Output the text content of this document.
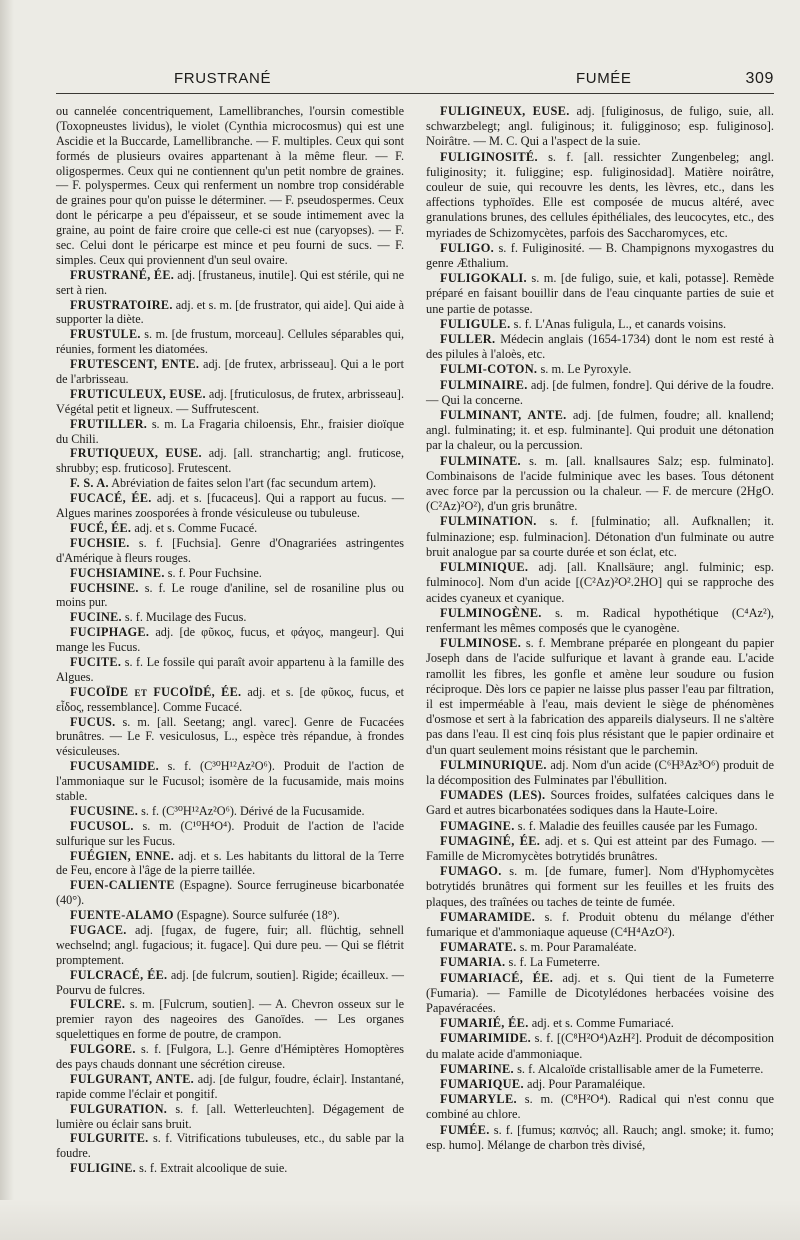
FRUSTRANÉ	FUMÉE	309

ou cannelée concentriquement, Lamellibranches, l'oursin comestible (Toxopneustes lividus), le violet (Cynthia microcosmus) qui est une Ascidie et la Buccarde, Lamellibranche. — F. multiples. Ceux qui sont formés de plusieurs ovaires appartenant à la même fleur. — F. oligospermes. Ceux qui ne contiennent qu'un petit nombre de graines. — F. polyspermes. Ceux qui renferment un nombre trop considérable de graines pour qu'on puisse le déterminer. — F. pseudospermes. Ceux dont le péricarpe a peu d'épaisseur, et se soude intimement avec la graine, au point de faire croire que celle-ci est nue (caryopses). — F. sec. Celui dont le péricarpe est mince et peu fourni de sucs. — F. simples. Ceux qui proviennent d'un seul ovaire.

FRUSTRANÉ, ÉE. adj. [frustaneus, inutile]. Qui est stérile, qui ne sert à rien.

FRUSTRATOIRE. adj. et s. m. [de frustrator, qui aide]. Qui aide à supporter la diète.

FRUSTULE. s. m. [de frustum, morceau]. Cellules séparables qui, réunies, forment les diatomées.

FRUTESCENT, ENTE. adj. [de frutex, arbrisseau]. Qui a le port de l'arbrisseau.

FRUTICULEUX, EUSE. adj. [fruticulosus, de frutex, arbrisseau]. Végétal petit et ligneux. — Suffrutescent.

FRUTILLER. s. m. La Fragaria chiloensis, Ehr., fraisier dioïque du Chili.

FRUTIQUEUX, EUSE. adj. [all. stranchartig; angl. fruticose, shrubby; esp. fruticoso]. Frutescent.

F. S. A. Abréviation de faites selon l'art (fac secundum artem).

FUCACÉ, ÉE. adj. et s. [fucaceus]. Qui a rapport au fucus. — Algues marines zoosporées à fronde vésiculeuse ou tubuleuse.

FUCÉ, ÉE. adj. et s. Comme Fucacé.

FUCHSIE. s. f. [Fuchsia]. Genre d'Onagrariées astringentes d'Amérique à fleurs rouges.

FUCHSIAMINE. s. f. Pour Fuchsine.

FUCHSINE. s. f. Le rouge d'aniline, sel de rosaniline plus ou moins pur.

FUCINE. s. f. Mucilage des Fucus.

FUCIPHAGE. adj. [de φῦκος, fucus, et φάγος, mangeur]. Qui mange les Fucus.

FUCITE. s. f. Le fossile qui paraît avoir appartenu à la famille des Algues.

FUCOÏDE et FUCOÏDÉ, ÉE. adj. et s. [de φῦκος, fucus, et εἶδος, ressemblance]. Comme Fucacé.

FUCUS. s. m. [all. Seetang; angl. varec]. Genre de Fucacées brunâtres. — Le F. vesiculosus, L., espèce très répandue, à frondes vésiculeuses.

FUCUSAMIDE. s. f. (C³⁰H¹²Az²O⁶). Produit de l'action de l'ammoniaque sur le Fucusol; isomère de la fucusamide, mais moins stable.

FUCUSINE. s. f. (C³⁰H¹²Az²O⁶). Dérivé de la Fucusamide.

FUCUSOL. s. m. (C¹⁰H⁴O⁴). Produit de l'action de l'acide sulfurique sur les Fucus.

FUÉGIEN, ENNE. adj. et s. Les habitants du littoral de la Terre de Feu, encore à l'âge de la pierre taillée.

FUEN-CALIENTE (Espagne). Source ferrugineuse bicarbonatée (40°).

FUENTE-ALAMO (Espagne). Source sulfurée (18°).

FUGACE. adj. [fugax, de fugere, fuir; all. flüchtig, sehnell wechselnd; angl. fugacious; it. fugace]. Qui dure peu. — Qui se flétrit promptement.

FULCRACÉ, ÉE. adj. [de fulcrum, soutien]. Rigide; écailleux. — Pourvu de fulcres.

FULCRE. s. m. [Fulcrum, soutien]. — A. Chevron osseux sur le premier rayon des nageoires des Ganoïdes. — Les organes squelettiques en forme de poutre, de crampon.

FULGORE. s. f. [Fulgora, L.]. Genre d'Hémiptères Homoptères des pays chauds donnant une sécrétion cireuse.

FULGURANT, ANTE. adj. [de fulgur, foudre, éclair]. Instantané, rapide comme l'éclair et pongitif.

FULGURATION. s. f. [all. Wetterleuchten]. Dégagement de lumière ou éclair sans bruit.

FULGURITE. s. f. Vitrifications tubuleuses, etc., du sable par la foudre.

FULIGINE. s. f. Extrait alcoolique de suie.

FULIGINEUX, EUSE. adj. [fuliginosus, de fuligo, suie, all. schwarzbelegt; angl. fuliginous; it. fuligginoso; esp. fuliginoso]. Noirâtre. — M. C. Qui a l'aspect de la suie.

FULIGINOSITÉ. s. f. [all. ressichter Zungenbeleg; angl. fuliginosity; it. fuliggine; esp. fuliginosidad]. Matière noirâtre, couleur de suie, qui recouvre les dents, les lèvres, etc., dans les affections typhoïdes. Elle est composée de mucus altéré, avec granulations brunes, des cellules épithéliales, des leucocytes, etc., des myriades de Schizomycètes, parfois des Saccharomyces, etc.

FULIGO. s. f. Fuliginosité. — B. Champignons myxogastres du genre Æthalium.

FULIGOKALI. s. m. [de fuligo, suie, et kali, potasse]. Remède préparé en faisant bouillir dans de l'eau cinquante parties de suie et une partie de potasse.

FULIGULE. s. f. L'Anas fuligula, L., et canards voisins.

FULLER. Médecin anglais (1654-1734) dont le nom est resté à des pilules à l'aloès, etc.

FULMI-COTON. s. m. Le Pyroxyle.

FULMINAIRE. adj. [de fulmen, fondre]. Qui dérive de la foudre. — Qui la concerne.

FULMINANT, ANTE. adj. [de fulmen, foudre; all. knallend; angl. fulminating; it. et esp. fulminante]. Qui produit une détonation par la chaleur, ou la percussion.

FULMINATE. s. m. [all. knallsaures Salz; esp. fulminato]. Combinaisons de l'acide fulminique avec les bases. Tous détonent avec force par la percussion ou la chaleur. — F. de mercure (2HgO. (C²Az)²O²), d'un gris brunâtre.

FULMINATION. s. f. [fulminatio; all. Aufknallen; it. fulminazione; esp. fulminacion]. Détonation d'un fulminate ou autre bruit analogue par sa courte durée et son éclat, etc.

FULMINIQUE. adj. [all. Knallsäure; angl. fulminic; esp. fulminoco]. Nom d'un acide [(C²Az)²O².2HO] qui se rapproche des acides cyaneux et cyanique.

FULMINOGÈNE. s. m. Radical hypothétique (C⁴Az²), renfermant les mêmes composés que le cyanogène.

FULMINOSE. s. f. Membrane préparée en plongeant du papier Joseph dans de l'acide sulfurique et lavant à grande eau. L'acide ramollit les fibres, les gonfle et amène leur soudure ou fusion réciproque. Dès lors ce papier ne laisse plus passer l'eau par filtration, il est imperméable à l'eau, mais devient le siège de phénomènes d'osmose et sert à la fabrication des appareils dialyseurs. Il ne s'altère pas dans l'eau. Il est cinq fois plus résistant que le papier ordinaire et d'un quart seulement moins résistant que le parchemin.

FULMINURIQUE. adj. Nom d'un acide (C⁶H³Az³O⁶) produit de la décomposition des Fulminates par l'ébullition.

FUMADES (LES). Sources froides, sulfatées calciques dans le Gard et autres bicarbonatées sodiques dans la Haute-Loire.

FUMAGINE. s. f. Maladie des feuilles causée par les Fumago.

FUMAGINÉ, ÉE. adj. et s. Qui est atteint par des Fumago. — Famille de Micromycètes botrytidés brunâtres.

FUMAGO. s. m. [de fumare, fumer]. Nom d'Hyphomycètes botrytidés brunâtres qui forment sur les feuilles et les fruits des plaques, des traînées ou taches de teinte de fumée.

FUMARAMIDE. s. f. Produit obtenu du mélange d'éther fumarique et d'ammoniaque aqueuse (C⁴H⁴AzO²).

FUMARATE. s. m. Pour Paramaléate.

FUMARIA. s. f. La Fumeterre.

FUMARIACÉ, ÉE. adj. et s. Qui tient de la Fumeterre (Fumaria). — Famille de Dicotylédones herbacées voisine des Papavéracées.

FUMARIÉ, ÉE. adj. et s. Comme Fumariacé.

FUMARIMIDE. s. f. [(C⁸H²O⁴)AzH²]. Produit de décomposition du malate acide d'ammoniaque.

FUMARINE. s. f. Alcaloïde cristallisable amer de la Fumeterre.

FUMARIQUE. adj. Pour Paramaléique.

FUMARYLE. s. m. (C⁸H²O⁴). Radical qui n'est connu que combiné au chlore.

FUMÉE. s. f. [fumus; καπνός; all. Rauch; angl. smoke; it. fumo; esp. humo]. Mélange de charbon très divisé,
